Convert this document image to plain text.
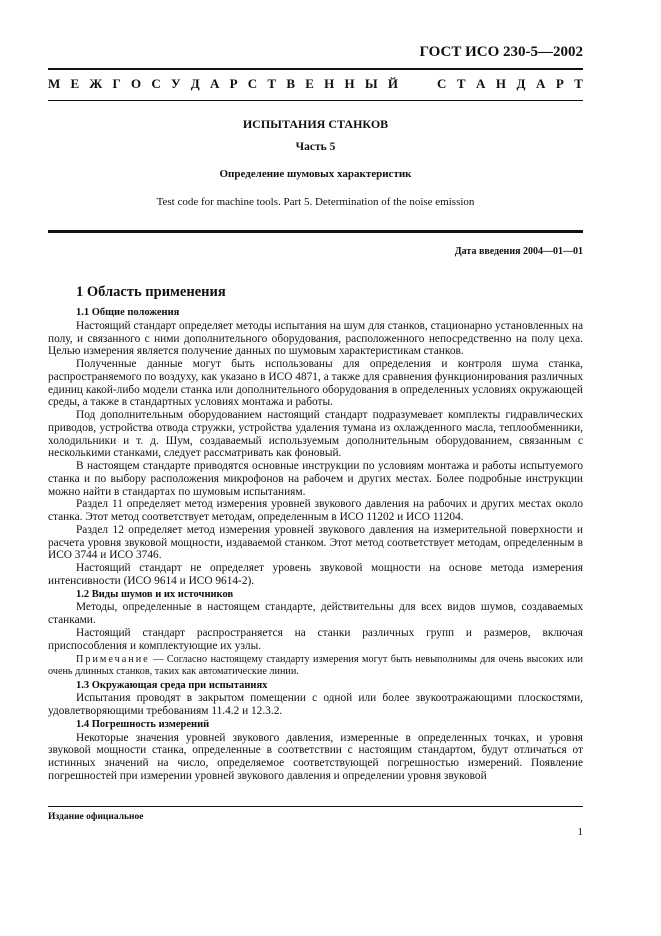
ГОСТ ИСО 230-5—2002
М Е Ж Г О С У Д А Р С Т В Е Н Н Ы Й	С Т А Н Д А Р Т
ИСПЫТАНИЯ СТАНКОВ
Часть 5
Определение шумовых характеристик
Test code for machine tools. Part 5. Determination of the noise emission
Дата введения 2004—01—01
1 Область применения

1.1 Общие положения

Настоящий стандарт определяет методы испытания на шум для станков, стационарно установленных на полу, и связанного с ними дополнительного оборудования, расположенного непосредственно на полу цеха. Целью измерения является получение данных по шумовым характеристикам станков.

Полученные данные могут быть использованы для определения и контроля шума станка, распространяемого по воздуху, как указано в ИСО 4871, а также для сравнения функционирования различных единиц какой-либо модели станка или дополнительного оборудования в определенных условиях окружающей среды, а также в стандартных условиях монтажа и работы.

Под дополнительным оборудованием настоящий стандарт подразумевает комплекты гидравлических приводов, устройства отвода стружки, устройства удаления тумана из охлажденного масла, теплообменники, холодильники и т. д. Шум, создаваемый используемым дополнительным оборудованием, связанным с несколькими станками, следует рассматривать как фоновый.

В настоящем стандарте приводятся основные инструкции по условиям монтажа и работы испытуемого станка и по выбору расположения микрофонов на рабочем и других местах. Более подробные инструкции можно найти в стандартах по шумовым испытаниям.

Раздел 11 определяет метод измерения уровней звукового давления на рабочих и других местах около станка. Этот метод соответствует методам, определенным в ИСО 11202 и ИСО 11204.

Раздел 12 определяет метод измерения уровней звукового давления на измерительной поверхности и расчета уровня звуковой мощности, издаваемой станком. Этот метод соответствует методам, определенным в ИСО 3744 и ИСО 3746.

Настоящий стандарт не определяет уровень звуковой мощности на основе метода измерения интенсивности (ИСО 9614 и ИСО 9614-2).

1.2 Виды шумов и их источников

Методы, определенные в настоящем стандарте, действительны для всех видов шумов, создаваемых станками.

Настоящий стандарт распространяется на станки различных групп и размеров, включая приспособления и комплектующие их узлы.

Примечание — Согласно настоящему стандарту измерения могут быть невыполнимы для очень высоких или очень длинных станков, таких как автоматические линии.

1.3 Окружающая среда при испытаниях

Испытания проводят в закрытом помещении с одной или более звукоотражающими плоскостями, удовлетворяющими требованиям 11.4.2 и 12.3.2.

1.4 Погрешность измерений

Некоторые значения уровней звукового давления, измеренные в определенных точках, и уровня звуковой мощности станка, определенные в соответствии с настоящим стандартом, будут отличаться от истинных значений на число, определяемое соответствующей погрешностью измерений. Появление погрешностей при измерении уровней звукового давления и определении уровня звуковой

Издание официальное
1
